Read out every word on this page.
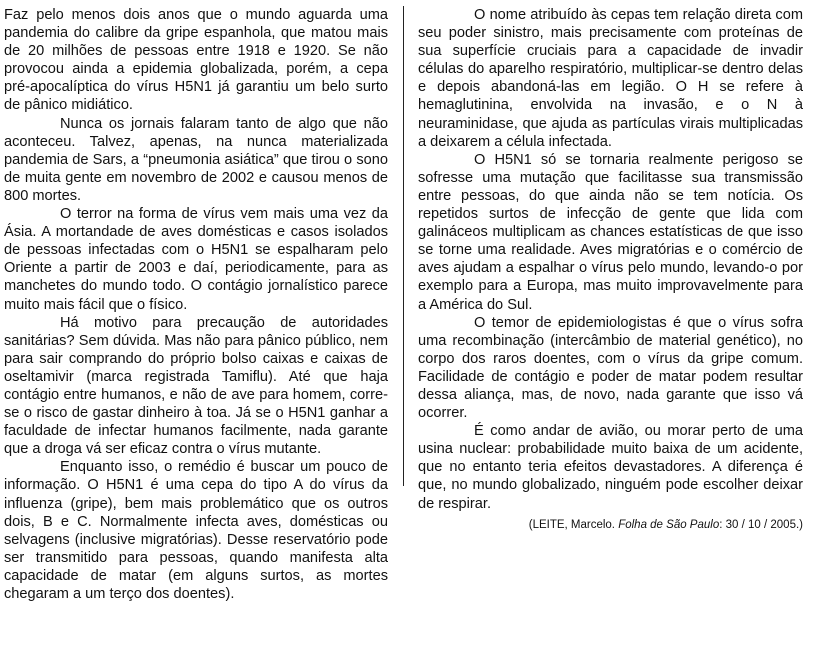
Faz pelo menos dois anos que o mundo aguarda uma pandemia do calibre da gripe espanhola, que matou mais de 20 milhões de pessoas entre 1918 e 1920. Se não provocou ainda a epidemia globalizada, porém, a cepa pré-apocalíptica do vírus H5N1 já garantiu um belo surto de pânico midiático.

Nunca os jornais falaram tanto de algo que não aconteceu. Talvez, apenas, na nunca materializada pandemia de Sars, a “pneumonia asiática” que tirou o sono de muita gente em novembro de 2002 e causou menos de 800 mortes.

O terror na forma de vírus vem mais uma vez da Ásia. A mortandade de aves domésticas e casos isolados de pessoas infectadas com o H5N1 se espalharam pelo Oriente a partir de 2003 e daí, periodicamente, para as manchetes do mundo todo. O contágio jornalístico parece muito mais fácil que o físico.

Há motivo para precaução de autoridades sanitárias? Sem dúvida. Mas não para pânico público, nem para sair comprando do próprio bolso caixas e caixas de oseltamivir (marca registrada Tamiflu). Até que haja contágio entre humanos, e não de ave para homem, corre-se o risco de gastar dinheiro à toa. Já se o H5N1 ganhar a faculdade de infectar humanos facilmente, nada garante que a droga vá ser eficaz contra o vírus mutante.

Enquanto isso, o remédio é buscar um pouco de informação. O H5N1 é uma cepa do tipo A do vírus da influenza (gripe), bem mais problemático que os outros dois, B e C. Normalmente infecta aves, domésticas ou selvagens (inclusive migratórias). Desse reservatório pode ser transmitido para pessoas, quando manifesta alta capacidade de matar (em alguns surtos, as mortes chegaram a um terço dos doentes).

O nome atribuído às cepas tem relação direta com seu poder sinistro, mais precisamente com proteínas de sua superfície cruciais para a capacidade de invadir células do aparelho respiratório, multiplicar-se dentro delas e depois abandoná-las em legião. O H se refere à hemaglutinina, envolvida na invasão, e o N à neuraminidase, que ajuda as partículas virais multiplicadas a deixarem a célula infectada.

O H5N1 só se tornaria realmente perigoso se sofresse uma mutação que facilitasse sua transmissão entre pessoas, do que ainda não se tem notícia. Os repetidos surtos de infecção de gente que lida com galináceos multiplicam as chances estatísticas de que isso se torne uma realidade. Aves migratórias e o comércio de aves ajudam a espalhar o vírus pelo mundo, levando-o por exemplo para a Europa, mas muito improvavelmente para a América do Sul.

O temor de epidemiologistas é que o vírus sofra uma recombinação (intercâmbio de material genético), no corpo dos raros doentes, com o vírus da gripe comum. Facilidade de contágio e poder de matar podem resultar dessa aliança, mas, de novo, nada garante que isso vá ocorrer.

É como andar de avião, ou morar perto de uma usina nuclear: probabilidade muito baixa de um acidente, que no entanto teria efeitos devastadores. A diferença é que, no mundo globalizado, ninguém pode escolher deixar de respirar.

(LEITE, Marcelo. Folha de São Paulo: 30 / 10 / 2005.)
